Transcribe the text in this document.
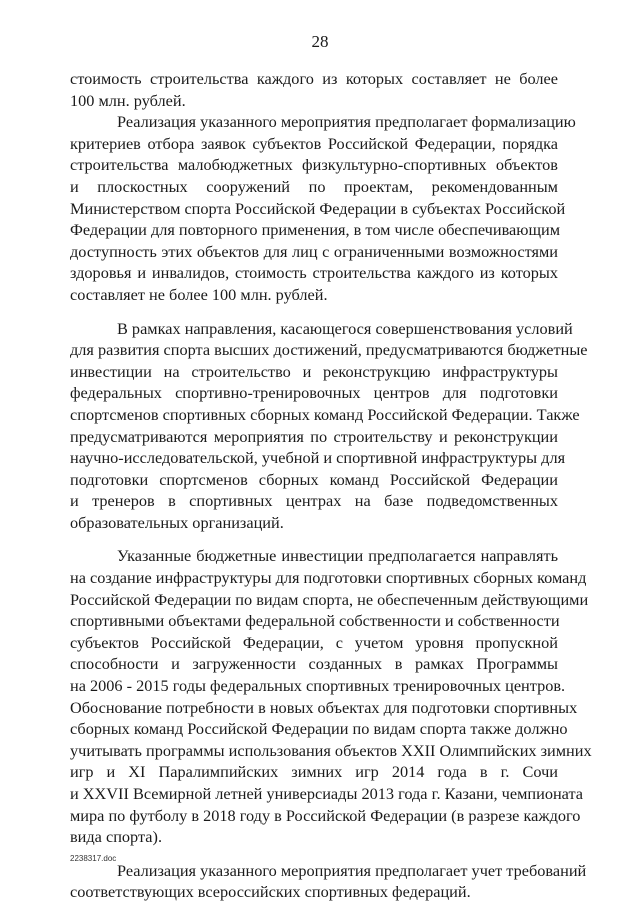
28

стоимость строительства каждого из которых составляет не более
100 млн. рублей.

Реализация указанного мероприятия предполагает формализацию
критериев отбора заявок субъектов Российской Федерации, порядка
строительства малобюджетных физкультурно-спортивных объектов
и плоскостных сооружений по проектам, рекомендованным
Министерством спорта Российской Федерации в субъектах Российской
Федерации для повторного применения, в том числе обеспечивающим
доступность этих объектов для лиц с ограниченными возможностями
здоровья и инвалидов, стоимость строительства каждого из которых
составляет не более 100 млн. рублей.

В рамках направления, касающегося совершенствования условий
для развития спорта высших достижений, предусматриваются бюджетные
инвестиции на строительство и реконструкцию инфраструктуры
федеральных спортивно-тренировочных центров для подготовки
спортсменов спортивных сборных команд Российской Федерации. Также
предусматриваются мероприятия по строительству и реконструкции
научно-исследовательской, учебной и спортивной инфраструктуры для
подготовки спортсменов сборных команд Российской Федерации
и тренеров в спортивных центрах на базе подведомственных
образовательных организаций.

Указанные бюджетные инвестиции предполагается направлять
на создание инфраструктуры для подготовки спортивных сборных команд
Российской Федерации по видам спорта, не обеспеченным действующими
спортивными объектами федеральной собственности и собственности
субъектов Российской Федерации, с учетом уровня пропускной
способности и загруженности созданных в рамках Программы
на 2006 - 2015 годы федеральных спортивных тренировочных центров.
Обоснование потребности в новых объектах для подготовки спортивных
сборных команд Российской Федерации по видам спорта также должно
учитывать программы использования объектов XXII Олимпийских зимних
игр и XI Паралимпийских зимних игр 2014 года в г. Сочи
и XXVII Всемирной летней универсиады 2013 года г. Казани, чемпионата
мира по футболу в 2018 году в Российской Федерации (в разрезе каждого
вида спорта).

Реализация указанного мероприятия предполагает учет требований
соответствующих всероссийских спортивных федераций.

2238317.doc
